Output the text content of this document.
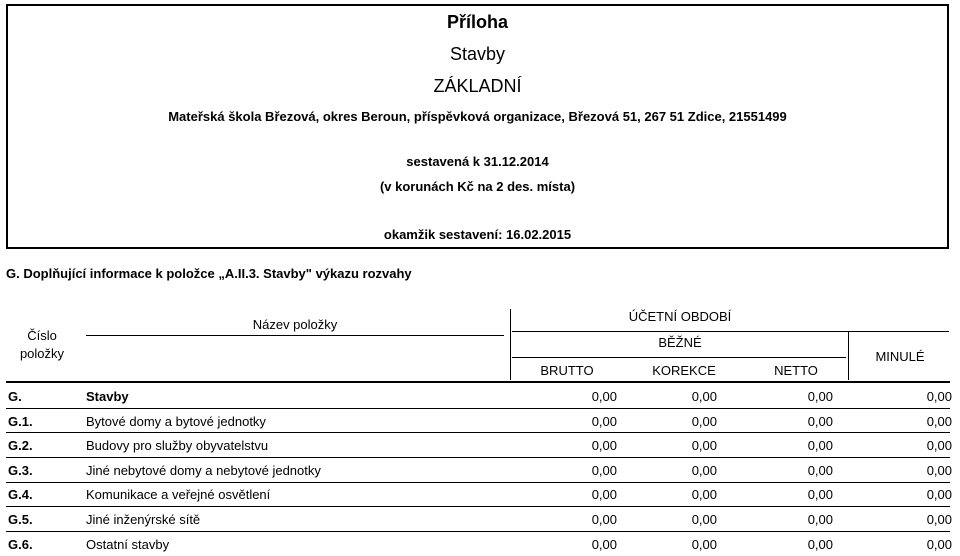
Příloha
Stavby
ZÁKLADNÍ
Mateřská škola Březová, okres Beroun, příspěvková organizace, Březová 51, 267 51 Zdice, 21551499
sestavená k 31.12.2014
(v korunách Kč na 2 des. místa)
okamžik sestavení: 16.02.2015
G. Doplňující informace k položce „A.II.3. Stavby" výkazu rozvahy
Číslo
položky
Název položky
ÚČETNÍ OBDOBÍ
BĚŽNÉ
BRUTTO	KOREKCE	NETTO
MINULÉ
G.	Stavby	0,00	0,00	0,00	0,00
G.1.	Bytové domy a bytové jednotky	0,00	0,00	0,00	0,00
G.2.	Budovy pro služby obyvatelstvu	0,00	0,00	0,00	0,00
G.3.	Jiné nebytové domy a nebytové jednotky	0,00	0,00	0,00	0,00
G.4.	Komunikace a veřejné osvětlení	0,00	0,00	0,00	0,00
G.5.	Jiné inženýrské sítě	0,00	0,00	0,00	0,00
G.6.	Ostatní stavby	0,00	0,00	0,00	0,00
